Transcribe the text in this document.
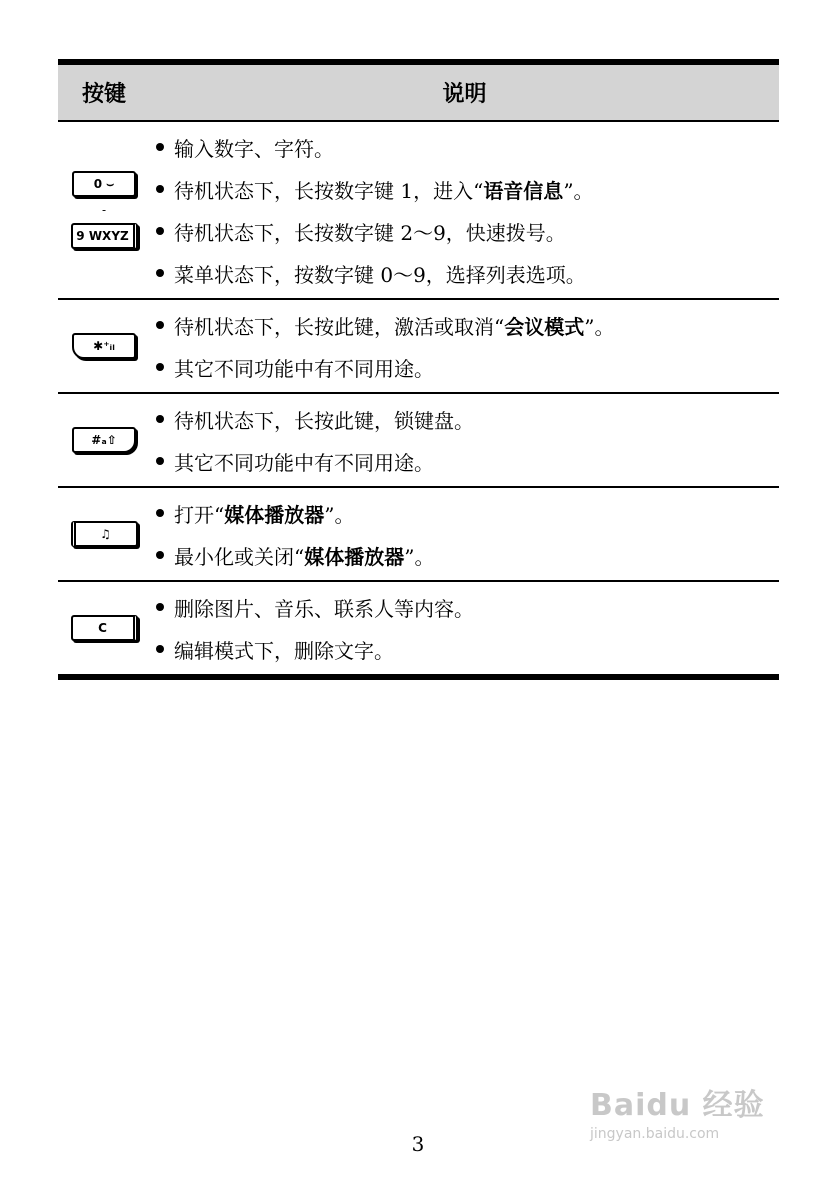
按键	说明
0 ⌣
-
9 WXYZ
输入数字、字符。
待机状态下，长按数字键 1，进入“ 语音信息 ”。
待机状态下，长按数字键 2～9，快速拨号。
菜单状态下，按数字键 0～9，选择列表选项。
✱⁺ᵢₗ
待机状态下，长按此键，激活或取消“ 会议模式 ”。
其它不同功能中有不同用途。
#ₐ⇧
待机状态下，长按此键，锁键盘。
其它不同功能中有不同用途。
♫
打开“ 媒体播放器 ”。
最小化或关闭“ 媒体播放器 ”。
C
删除图片、音乐、联系人等内容。
编辑模式下，删除文字。
Baidu 经验
jingyan.baidu.com
3
